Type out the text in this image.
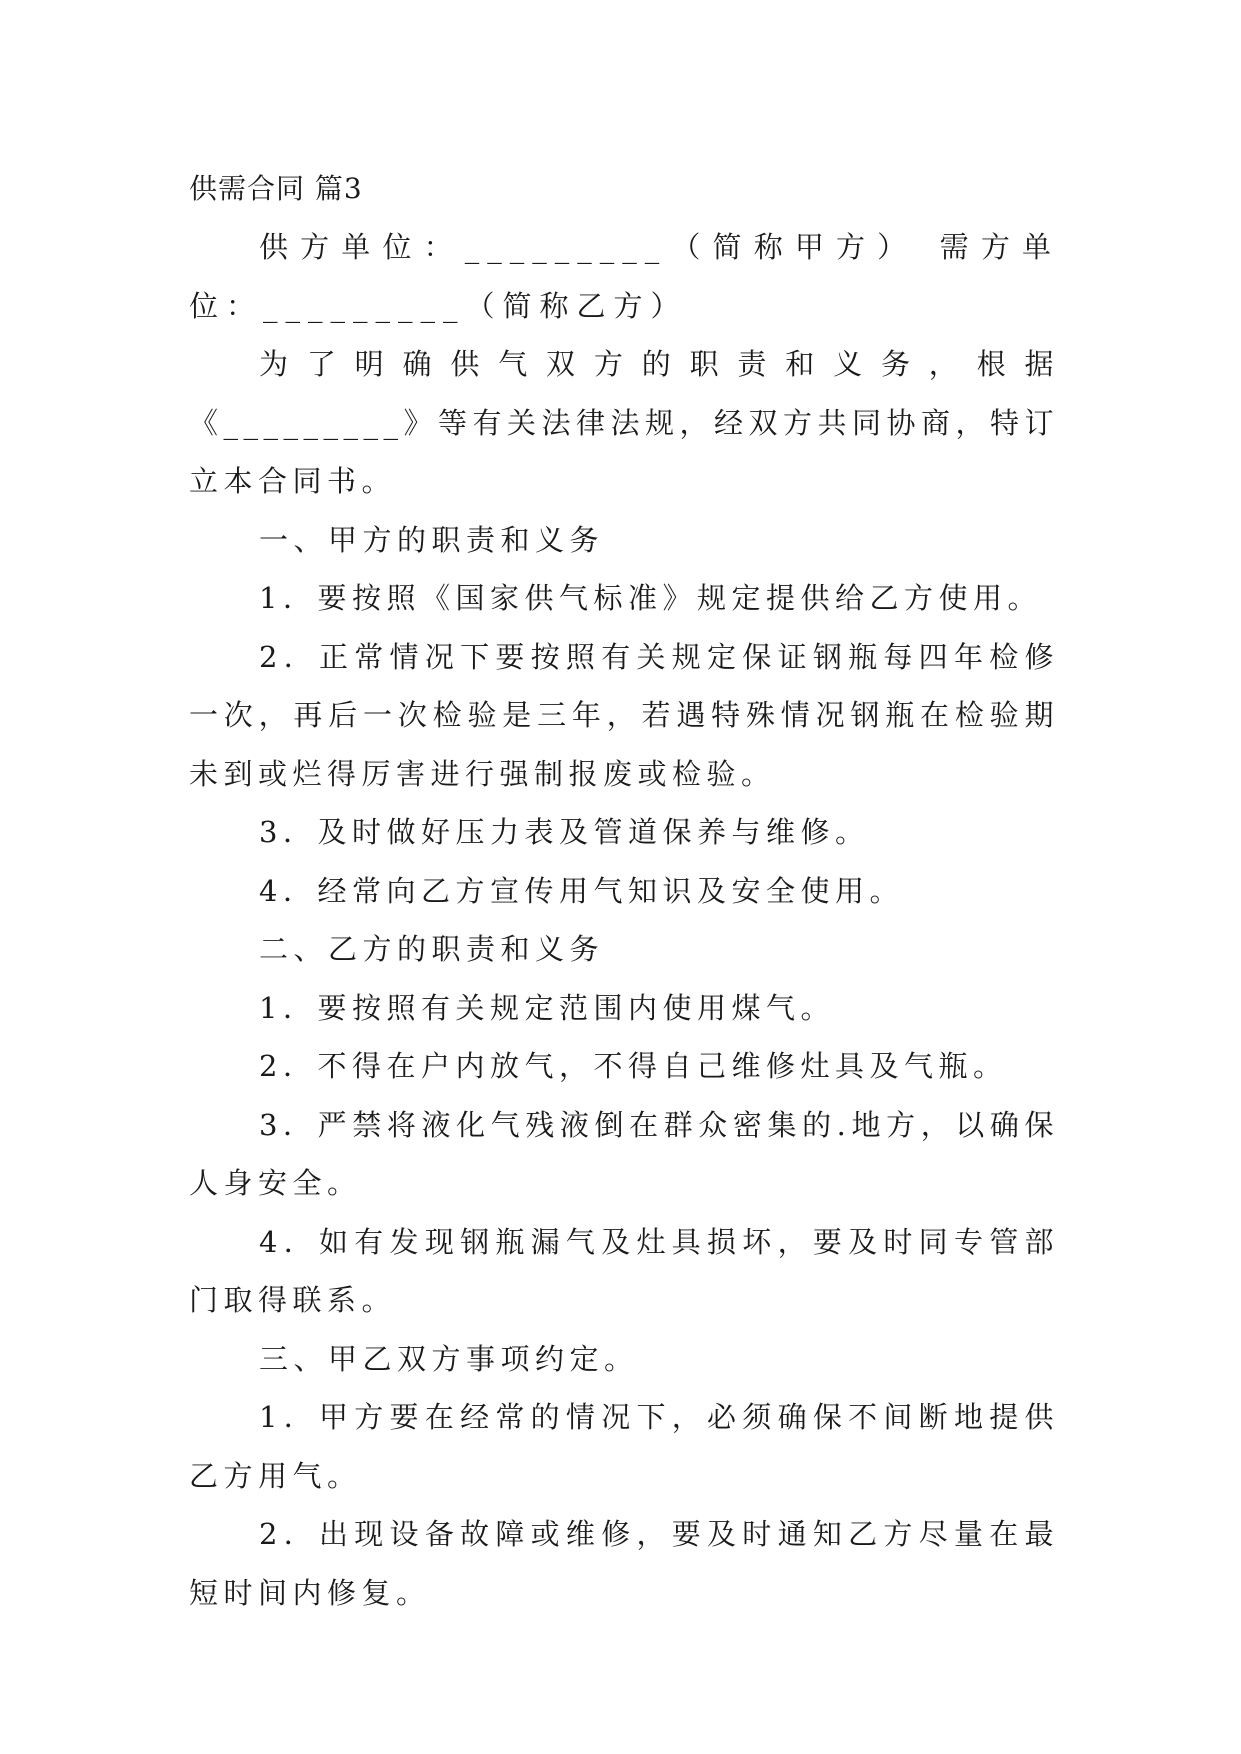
供需合同 篇3

供方单位：_________（简称甲方） 需方单位：_________（简称乙方）

为了明确供气双方的职责和义务，根据《_________》等有关法律法规，经双方共同协商，特订立本合同书。

一、甲方的职责和义务

1．要按照《国家供气标准》规定提供给乙方使用。

2．正常情况下要按照有关规定保证钢瓶每四年检修一次，再后一次检验是三年，若遇特殊情况钢瓶在检验期未到或烂得厉害进行强制报废或检验。

3．及时做好压力表及管道保养与维修。

4．经常向乙方宣传用气知识及安全使用。

二、乙方的职责和义务

1．要按照有关规定范围内使用煤气。

2．不得在户内放气，不得自己维修灶具及气瓶。

3．严禁将液化气残液倒在群众密集的.地方，以确保人身安全。

4．如有发现钢瓶漏气及灶具损坏，要及时同专管部门取得联系。

三、甲乙双方事项约定。

1．甲方要在经常的情况下，必须确保不间断地提供乙方用气。

2．出现设备故障或维修，要及时通知乙方尽量在最短时间内修复。
